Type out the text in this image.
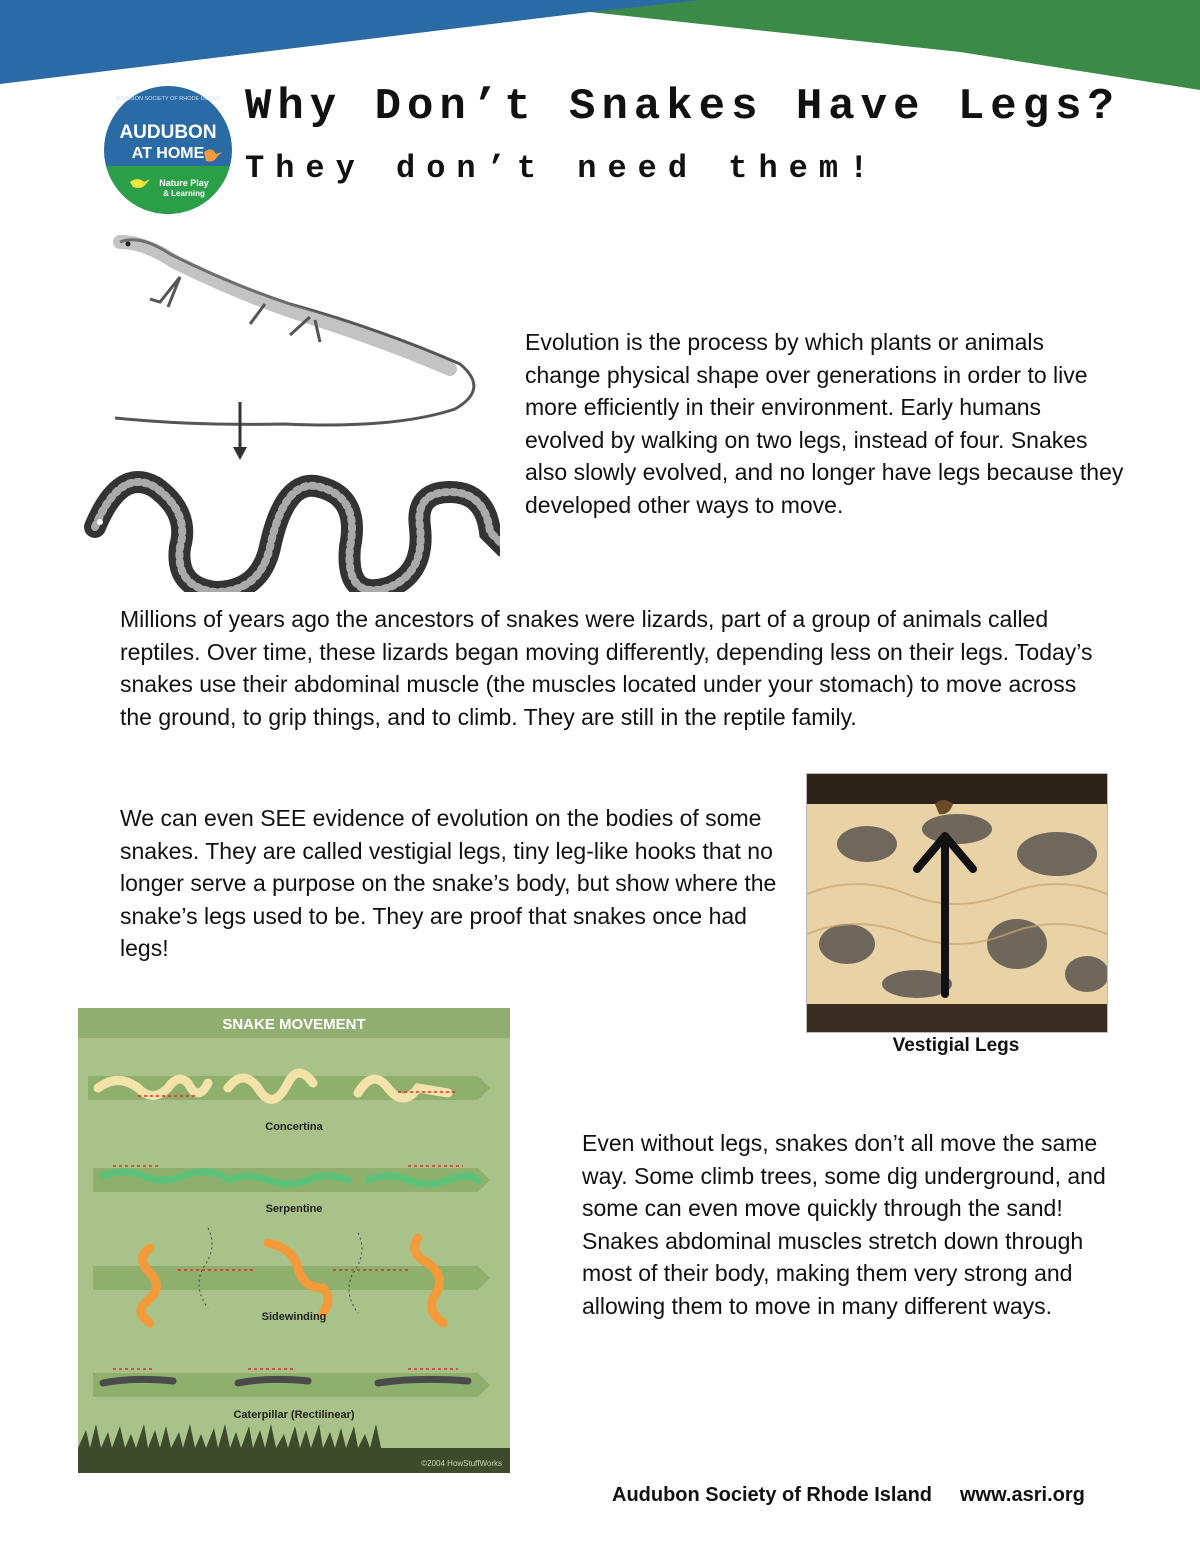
AUDUBON SOCIETY OF RHODE ISLAND
AUDUBON
AT HOME
Nature Play
& Learning
Why Don’t Snakes Have Legs?
They don’t need them!

Evolution is the process by which plants or animals change physical shape over generations in order to live more efficiently in their environment. Early humans evolved by walking on two legs, instead of four. Snakes also slowly evolved, and no longer have legs because they developed other ways to move.

Millions of years ago the ancestors of snakes were lizards, part of a group of animals called reptiles. Over time, these lizards began moving differently, depending less on their legs. Today’s snakes use their abdominal muscle (the muscles located under your stomach) to move across the ground, to grip things, and to climb. They are still in the reptile family.

We can even SEE evidence of evolution on the bodies of some snakes. They are called vestigial legs, tiny leg-like hooks that no longer serve a purpose on the snake’s body, but show where the snake’s legs used to be. They are proof that snakes once had legs!

Vestigial Legs
SNAKE MOVEMENT
Concertina
Serpentine
Sidewinding
Caterpillar (Rectilinear)
©2004 HowStuffWorks

Even without legs, snakes don’t all move the same way. Some climb trees, some dig underground, and some can even move quickly through the sand! Snakes abdominal muscles stretch down through most of their body, making them very strong and allowing them to move in many different ways.

Audubon Society of Rhode Island www.asri.org
